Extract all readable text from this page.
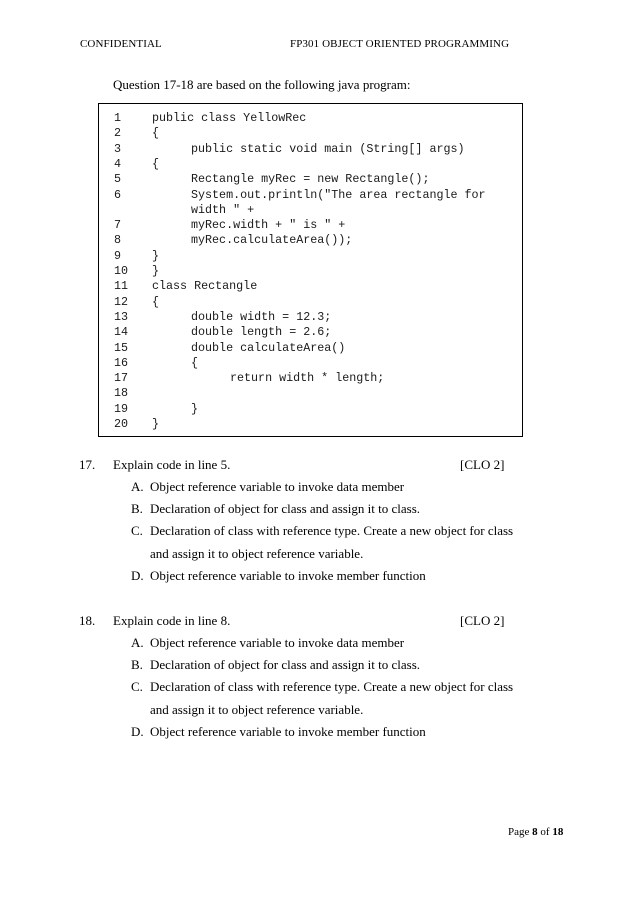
CONFIDENTIAL	FP301 OBJECT ORIENTED PROGRAMMING
Question 17-18 are based on the following java program:
1	public class YellowRec
2	{
3	public static void main (String[] args)
4	{
5	Rectangle myRec = new Rectangle();
6	System.out.println("The area rectangle for
width " +
7	myRec.width + " is " +
8	myRec.calculateArea());
9	}
10 }
11 class Rectangle
12 {
13	double width = 12.3;
14	double length = 2.6;
15	double calculateArea()
16	{
17	return width * length;
18
19	}
20 }
17. Explain code in line 5.	[CLO 2]
A. Object reference variable to invoke data member
B. Declaration of object for class and assign it to class.
C. Declaration of class with reference type. Create a new object for class and assign it to object reference variable.
D. Object reference variable to invoke member function
18. Explain code in line 8.	[CLO 2]
A. Object reference variable to invoke data member
B. Declaration of object for class and assign it to class.
C. Declaration of class with reference type. Create a new object for class and assign it to object reference variable.
D. Object reference variable to invoke member function
Page 8 of 18
